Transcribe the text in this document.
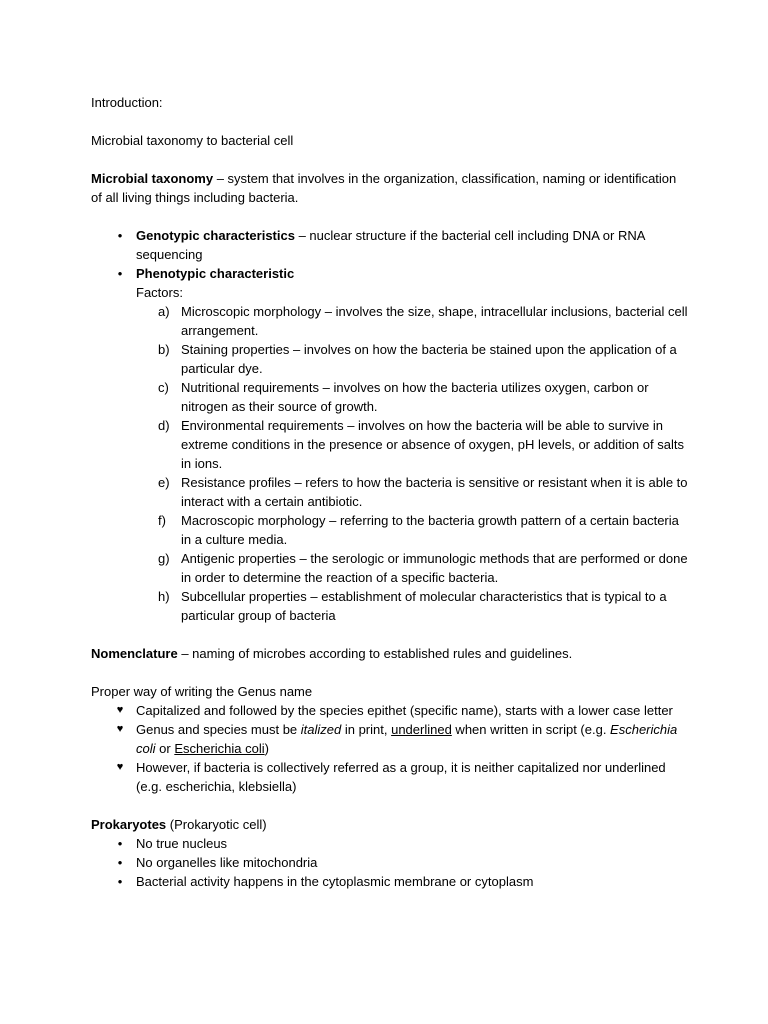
Introduction:

Microbial taxonomy to bacterial cell

Microbial taxonomy – system that involves in the organization, classification, naming or identification of all living things including bacteria.

•	Genotypic characteristics – nuclear structure if the bacterial cell including DNA or RNA sequencing
•	Phenotypic characteristic
Factors:
a) Microscopic morphology – involves the size, shape, intracellular inclusions, bacterial cell arrangement.
b) Staining properties – involves on how the bacteria be stained upon the application of a particular dye.
c) Nutritional requirements – involves on how the bacteria utilizes oxygen, carbon or nitrogen as their source of growth.
d) Environmental requirements – involves on how the bacteria will be able to survive in extreme conditions in the presence or absence of oxygen, pH levels, or addition of salts in ions.
e) Resistance profiles – refers to how the bacteria is sensitive or resistant when it is able to interact with a certain antibiotic.
f) Macroscopic morphology – referring to the bacteria growth pattern of a certain bacteria in a culture media.
g) Antigenic properties – the serologic or immunologic methods that are performed or done in order to determine the reaction of a specific bacteria.
h) Subcellular properties – establishment of molecular characteristics that is typical to a particular group of bacteria

Nomenclature – naming of microbes according to established rules and guidelines.

Proper way of writing the Genus name

♥ Capitalized and followed by the species epithet (specific name), starts with a lower case letter
♥ Genus and species must be italized in print, underlined when written in script (e.g. Escherichia coli or Escherichia coli)
♥ However, if bacteria is collectively referred as a group, it is neither capitalized nor underlined (e.g. escherichia, klebsiella)

Prokaryotes (Prokaryotic cell)

•	No true nucleus
•	No organelles like mitochondria
•	Bacterial activity happens in the cytoplasmic membrane or cytoplasm
